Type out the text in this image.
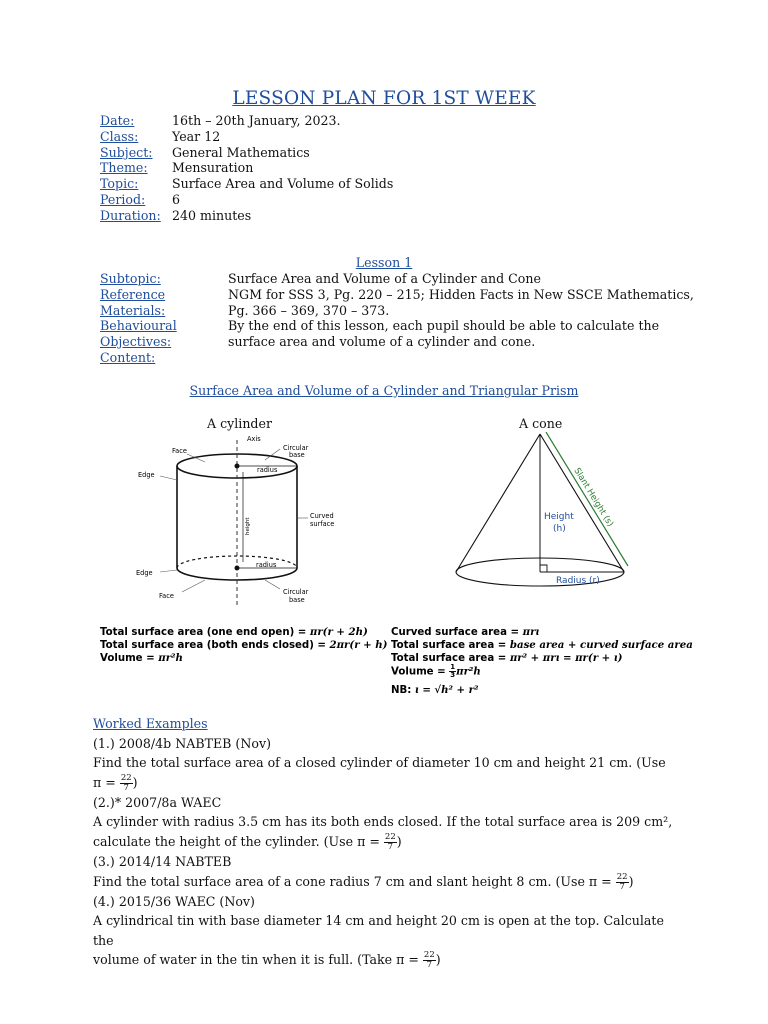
LESSON PLAN FOR 1ST WEEK
Date:	16th – 20th January, 2023.
Class:	Year 12
Subject: General Mathematics
Theme: Mensuration
Topic:	Surface Area and Volume of Solids
Period: 6
Duration: 240 minutes
Lesson 1
Subtopic:	Surface Area and Volume of a Cylinder and Cone
Reference	NGM for SSS 3, Pg. 220 – 215; Hidden Facts in New SSCE Mathematics,
Materials:	Pg. 366 – 369, 370 – 373.
Behavioural	By the end of this lesson, each pupil should be able to calculate the
Objectives:	surface area and volume of a cylinder and cone.
Content:
Surface Area and Volume of a Cylinder and Triangular Prism
A cylinder	A cone
Face
Axis
Circular
base
radius
Edge
Curved
surface
height
radius
Edge
Face	Circular
base
Slant Height (s)
Height
(h)
Radius (r)
Total surface area (one end open) = πr(r + 2h)
Total surface area (both ends closed) = 2πr(r + h)
Volume = πr²h
Curved surface area = πrɩ
Total surface area = base area + curved surface area
Total surface area = πr² + πrɩ = πr(r + ɩ)
Volume = $\frac{1}{3} \pi r^2h$
NB: ɩ = √h² + r²
Worked Examples
(1.) 2008/4b NABTEB (Nov)
Find the total surface area of a closed cylinder of diameter 10 cm and height 21 cm. (Use $\pi = \frac{22}{7}$ )
(2.)* 2007/8a WAEC
A cylinder with radius 3.5 cm has its both ends closed. If the total surface area is 209 cm²,
calculate the height of the cylinder. (Use $\pi = \frac{22}{7}$ )
(3.) 2014/14 NABTEB
Find the total surface area of a cone radius 7 cm and slant height 8 cm. (Use $\pi = \frac{22}{7}$ )
(4.) 2015/36 WAEC (Nov)
A cylindrical tin with base diameter 14 cm and height 20 cm is open at the top. Calculate the
volume of water in the tin when it is full. (Take $\pi = \frac{22}{7}$ )
